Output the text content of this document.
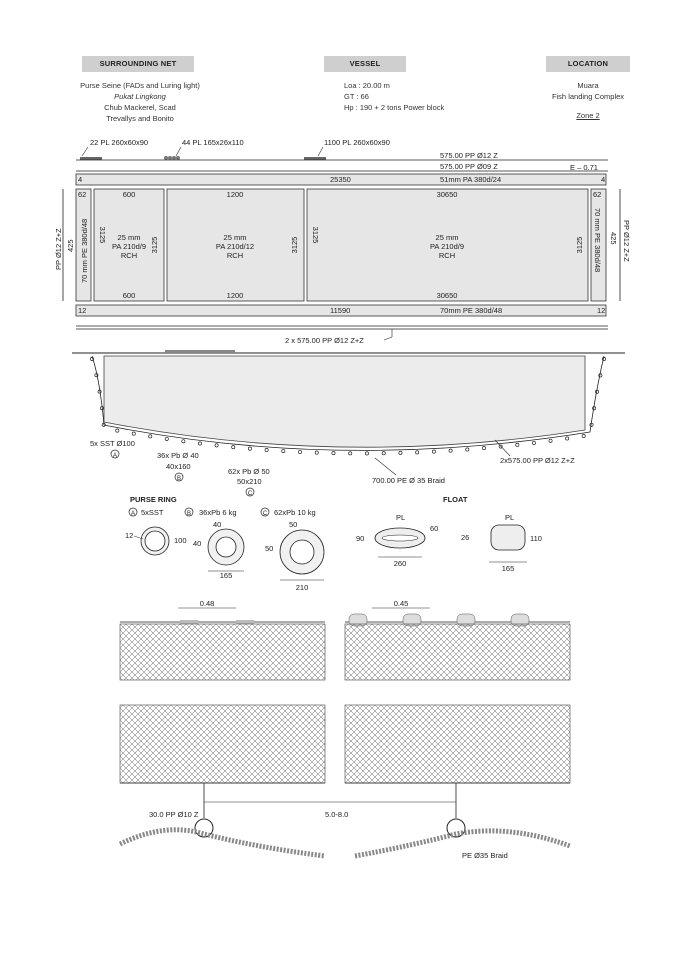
SURROUNDING NET	VESSEL	LOCATION
Purse Seine (FADs and Luring light)
Pukat Lingkong
Chub Mackerel, Scad
Trevallys and Bonito
Loa : 20.00 m
GT : 66
Hp : 190 + 2 tons Power block
Muara
Fish landing Complex
Zone 2
22 PL 260x60x90	44 PL 165x26x110	1100 PL 260x60x90
575.00 PP Ø12 Z
575.00 PP Ø09 Z	E – 0.71
4	25350	51mm PA 380d/24	4
62
70 mm PE 380d/48
62
70 mm PE 380d/48
PP Ø12 Z+Z 425	PP Ø12 Z+Z
425
600
25 mm
PA 210d/9
RCH
600
1200
25 mm
PA 210d/12
RCH
1200
30650
25 mm
PA 210d/9
RCH
30650
3125
3125	3125
3125
3125
12	11590	70mm PE 380d/48	12
2 x 575.00 PP Ø12 Z+Z
5x SST Ø100
A	36x Pb Ø 40
40x160
B
62x Pb Ø 50
50x210
C
700.00 PE Ø 35 Braid
2x575.00 PP Ø12 Z+Z
PURSE RING
A 5xSST	B 36xPb 6 kg	C 62xPb 10 kg
12
100
40
40
165
50
50
210
FLOAT
PL
90
60
260
PL
26	110
165
0.48	0.45
5.0-8.0
30.0 PP Ø10 Z
PE Ø35 Braid
